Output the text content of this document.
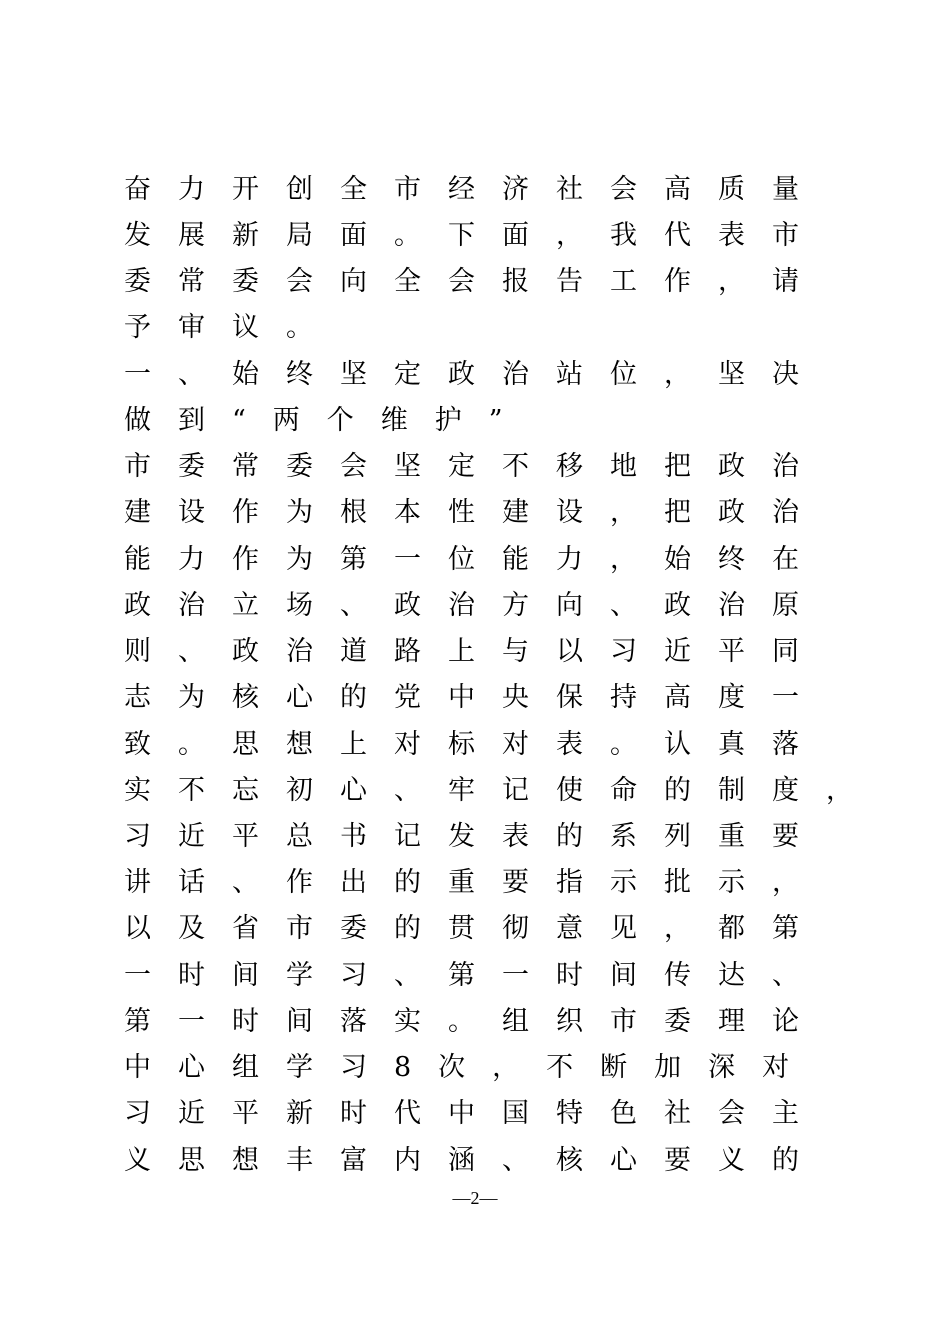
奋力开创全市经济社会高质量
发展新局面。下面，我代表市
委常委会向全会报告工作，请
予审议。
一、始终坚定政治站位，坚决
做到“两个维护”
市委常委会坚定不移地把政治
建设作为根本性建设，把政治
能力作为第一位能力，始终在
政治立场、政治方向、政治原
则、政治道路上与以习近平同
志为核心的党中央保持高度一
致。思想上对标对表。认真落
实不忘初心、牢记使命的制度，
习近平总书记发表的系列重要
讲话、作出的重要指示批示，
以及省市委的贯彻意见，都第
一时间学习、第一时间传达、
第一时间落实。组织市委理论
中心组学习8次，不断加深对
习近平新时代中国特色社会主
义思想丰富内涵、核心要义的
—2—
